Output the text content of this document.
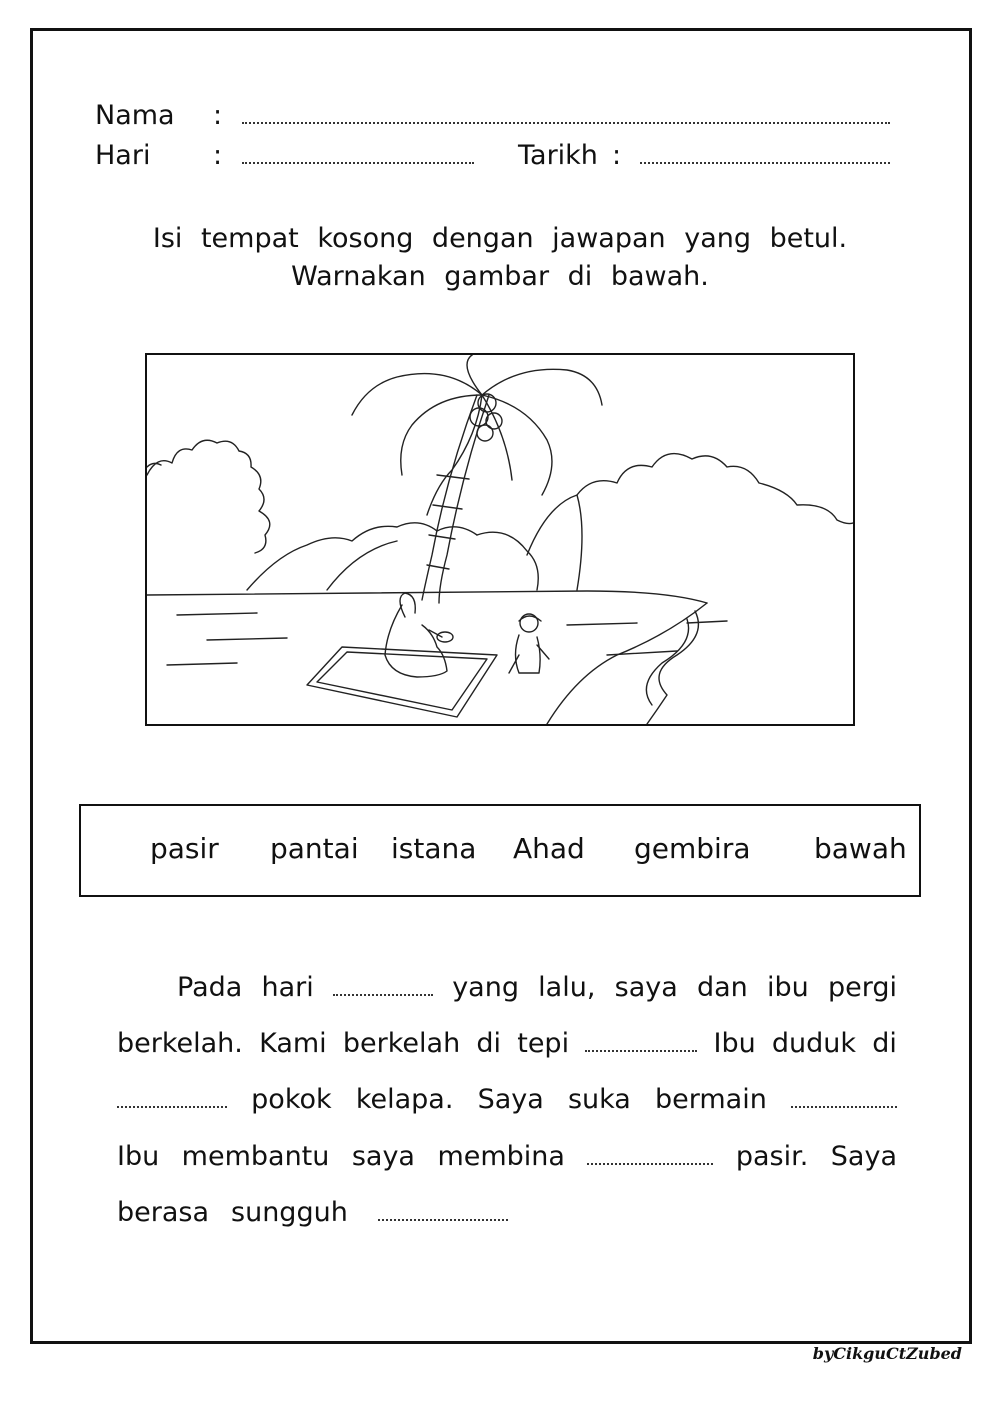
Nama :
Hari :	Tarikh :
Isi tempat kosong dengan jawapan yang betul.
Warnakan gambar di bawah.
pasir pantai istana Ahad gembira bawah
Pada hari	yang lalu, saya dan ibu pergi
berkelah. Kami berkelah di tepi	Ibu duduk di
pokok kelapa. Saya suka bermain
Ibu membantu saya membina	pasir. Saya
berasa sungguh
byCikguCtZubed
